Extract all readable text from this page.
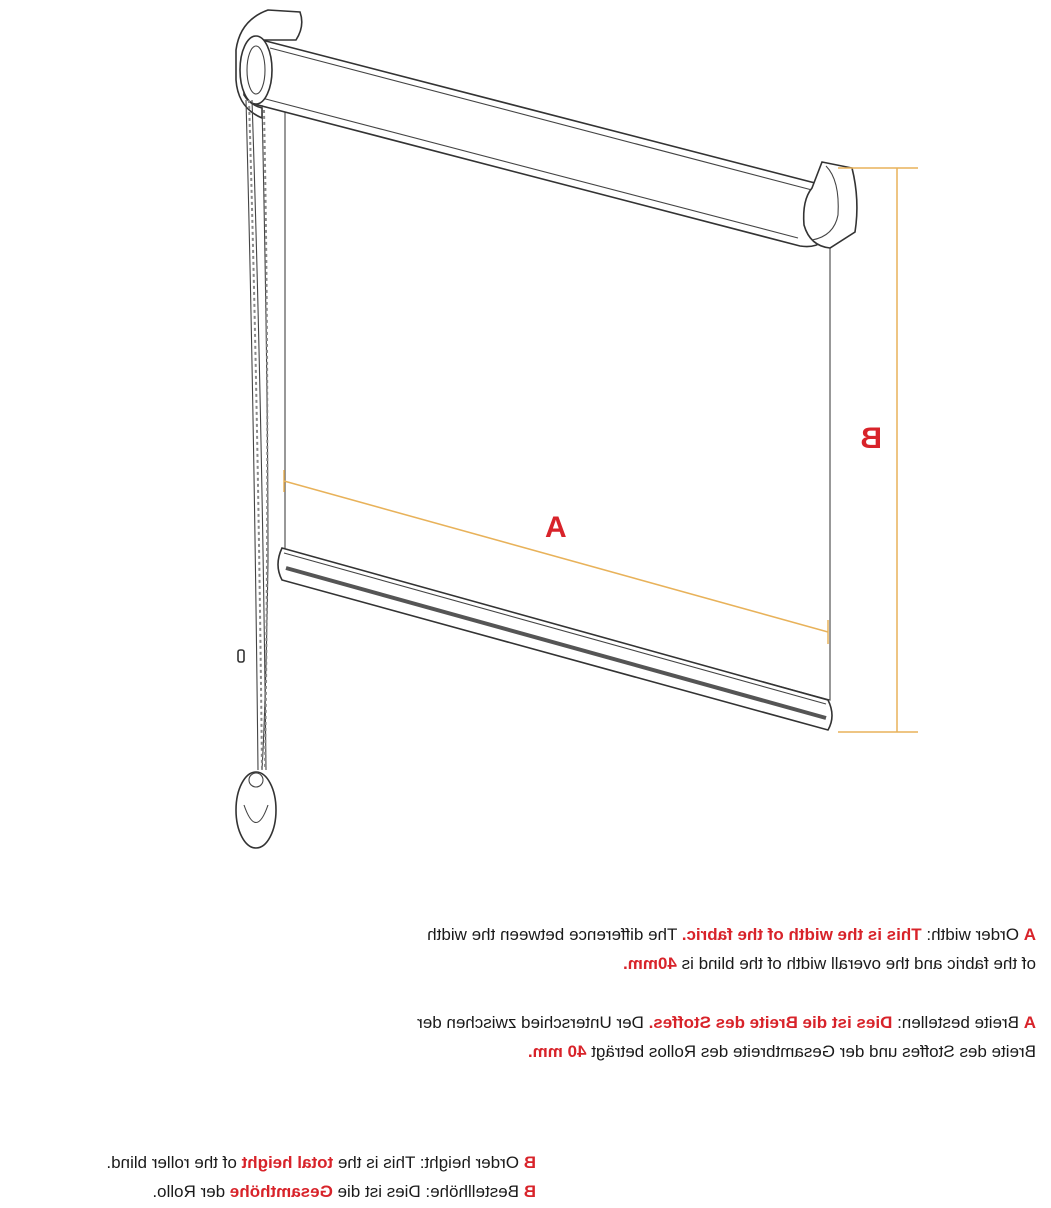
A
B
A Order width: This is the width of the fabric. The difference between the width
of the fabric and the overall width of the blind is 40mm.
A Breite bestellen: Dies ist die Breite des Stoffes. Der Unterschied zwischen der
Breite des Stoffes und der Gesamtbreite des Rollos beträgt 40 mm.
B Order height: This is the total height of the roller blind.
B Bestellhöhe: Dies ist die Gesamthöhe der Rollo.
